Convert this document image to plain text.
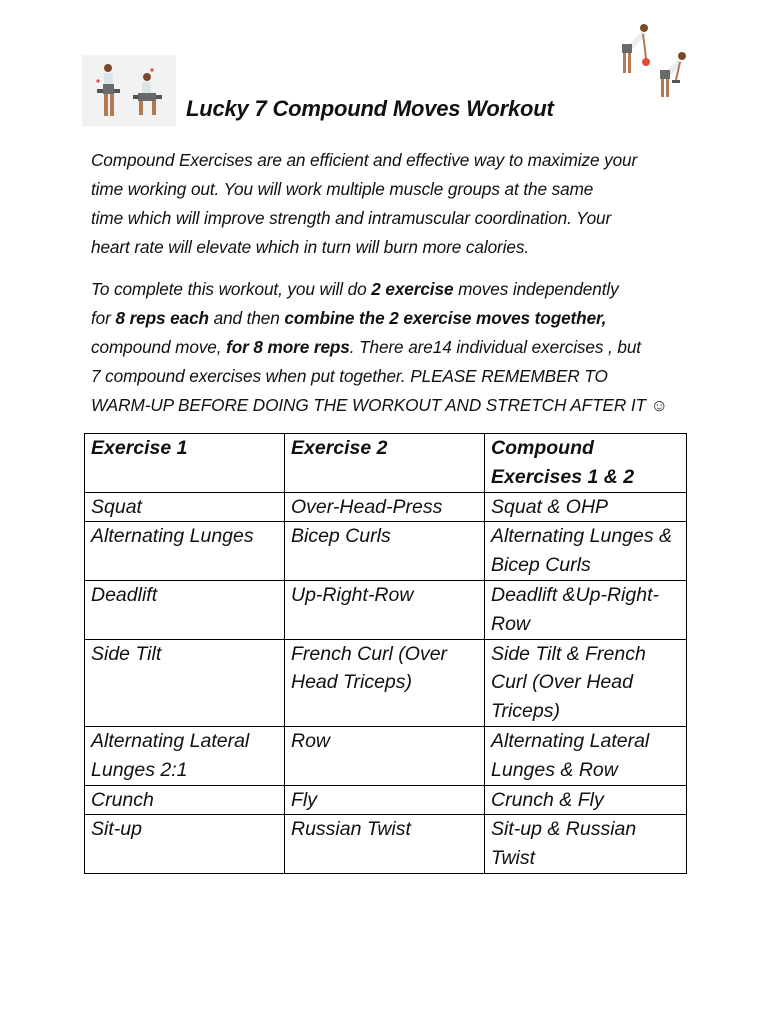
Lucky 7 Compound Moves Workout

Compound Exercises are an efficient and effective way to maximize your

time working out. You will work multiple muscle groups at the same

time which will improve strength and intramuscular coordination. Your

heart rate will elevate which in turn will burn more calories.

To complete this workout, you will do 2 exercise moves independently

for 8 reps each and then combine the 2 exercise moves together,

compound move, for 8 more reps. There are14 individual exercises , but

7 compound exercises when put together. PLEASE REMEMBER TO

WARM-UP BEFORE DOING THE WORKOUT AND STRETCH AFTER IT ☺

Exercise 1	Exercise 2	Compound Exercises 1 & 2
Squat	Over-Head-Press	Squat & OHP
Alternating Lunges	Bicep Curls	Alternating Lunges & Bicep Curls
Deadlift	Up-Right-Row	Deadlift &Up-Right-Row
Side Tilt	French Curl (Over Head Triceps)	Side Tilt & French Curl (Over Head Triceps)
Alternating Lateral Lunges 2:1	Row	Alternating Lateral Lunges & Row
Crunch	Fly	Crunch & Fly
Sit-up	Russian Twist	Sit-up & Russian Twist
